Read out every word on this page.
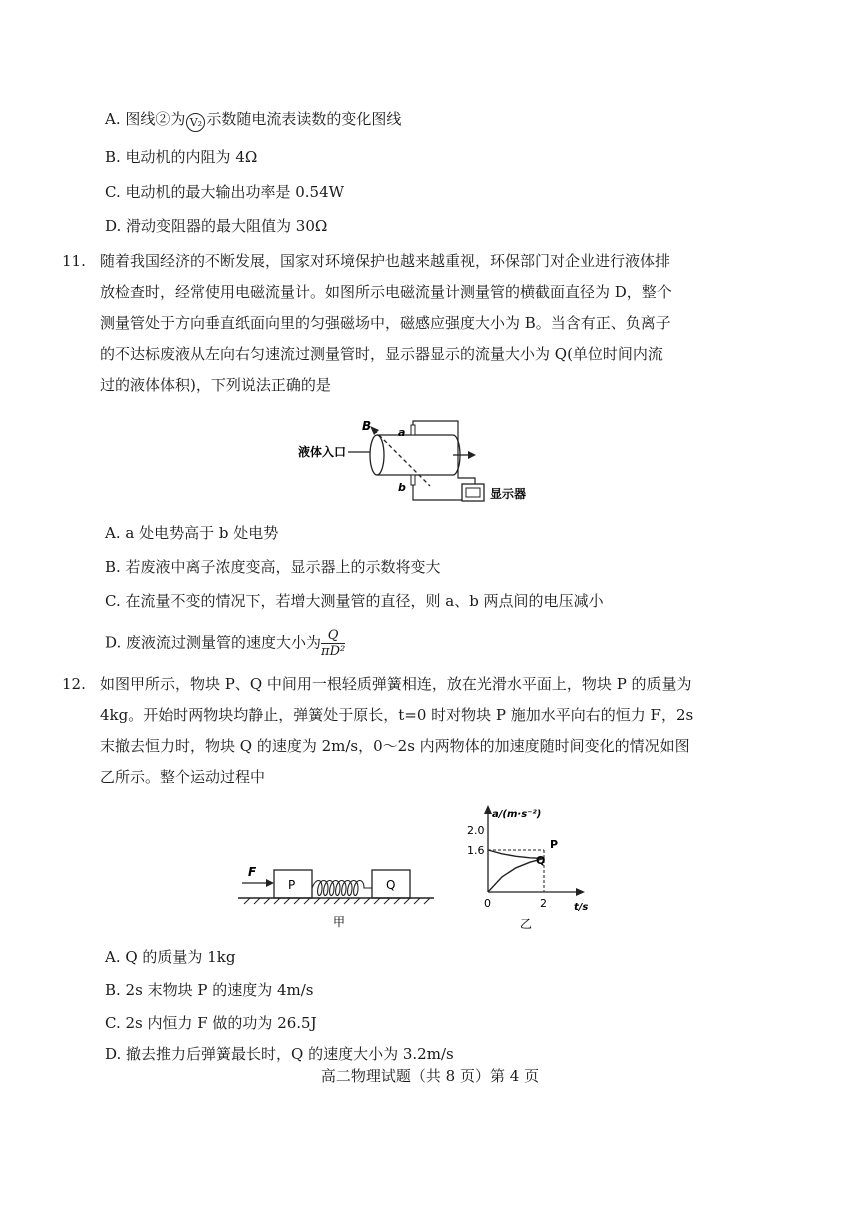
A. 图线②为 V₂ 示数随电流表读数的变化图线
B. 电动机的内阻为 4Ω
C. 电动机的最大输出功率是 0.54W
D. 滑动变阻器的最大阻值为 30Ω
11. 随着我国经济的不断发展，国家对环境保护也越来越重视，环保部门对企业进行液体排
放检查时，经常使用电磁流量计。如图所示电磁流量计测量管的横截面直径为 D，整个
测量管处于方向垂直纸面向里的匀强磁场中，磁感应强度大小为 B。当含有正、负离子
的不达标废液从左向右匀速流过测量管时，显示器显示的流量大小为 Q(单位时间内流
过的液体体积)，下列说法正确的是
液体入口
B a
b	显示器
A. a 处电势高于 b 处电势
B. 若废液中离子浓度变高，显示器上的示数将变大
C. 在流量不变的情况下，若增大测量管的直径，则 a、b 两点间的电压减小
D. 废液流过测量管的速度大小为 $\frac{Q}{\text{πD²}}$
12. 如图甲所示，物块 P、Q 中间用一根轻质弹簧相连，放在光滑水平面上，物块 P 的质量为
4kg。开始时两物块均静止，弹簧处于原长，t=0 时对物块 P 施加水平向右的恒力 F，2s
末撤去恒力时，物块 Q 的速度为 2m/s，0～2s 内两物体的加速度随时间变化的情况如图
乙所示。整个运动过程中
F
P	Q
甲
a/(m·s⁻²)
t/s
2.0
1.6
0	2
P
Q
乙
A. Q 的质量为 1kg
B. 2s 末物块 P 的速度为 4m/s
C. 2s 内恒力 F 做的功为 26.5J
D. 撤去推力后弹簧最长时，Q 的速度大小为 3.2m/s
高二物理试题（共 8 页）第 4 页
